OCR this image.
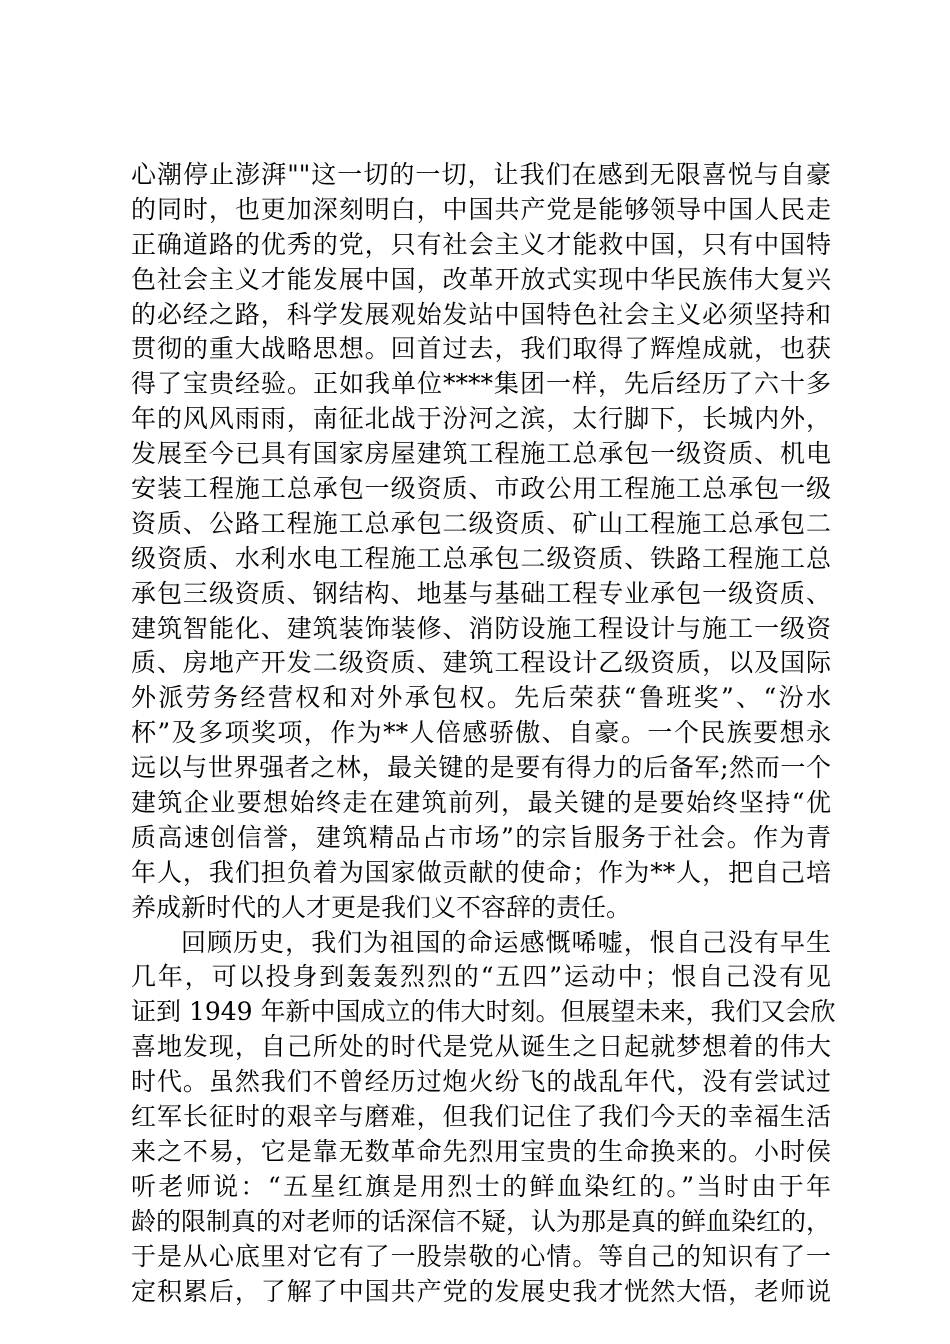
心潮停止澎湃""这一切的一切，让我们在感到无限喜悦与自豪
的同时，也更加深刻明白，中国共产党是能够领导中国人民走
正确道路的优秀的党，只有社会主义才能救中国，只有中国特
色社会主义才能发展中国，改革开放式实现中华民族伟大复兴
的必经之路，科学发展观始发站中国特色社会主义必须坚持和
贯彻的重大战略思想。回首过去，我们取得了辉煌成就，也获
得了宝贵经验。正如我单位****集团一样，先后经历了六十多
年的风风雨雨，南征北战于汾河之滨，太行脚下，长城内外，
发展至今已具有国家房屋建筑工程施工总承包一级资质、机电
安装工程施工总承包一级资质、市政公用工程施工总承包一级
资质、公路工程施工总承包二级资质、矿山工程施工总承包二
级资质、水利水电工程施工总承包二级资质、铁路工程施工总
承包三级资质、钢结构、地基与基础工程专业承包一级资质、
建筑智能化、建筑装饰装修、消防设施工程设计与施工一级资
质、房地产开发二级资质、建筑工程设计乙级资质，以及国际
外派劳务经营权和对外承包权。先后荣获“鲁班奖”、“汾水
杯”及多项奖项，作为**人倍感骄傲、自豪。一个民族要想永
远以与世界强者之林，最关键的是要有得力的后备军;然而一个
建筑企业要想始终走在建筑前列，最关键的是要始终坚持“优
质高速创信誉，建筑精品占市场”的宗旨服务于社会。作为青
年人，我们担负着为国家做贡献的使命；作为**人，把自己培
养成新时代的人才更是我们义不容辞的责任。
回顾历史，我们为祖国的命运感慨唏嘘，恨自己没有早生
几年，可以投身到轰轰烈烈的“五四”运动中；恨自己没有见
证到 1949 年新中国成立的伟大时刻。但展望未来，我们又会欣
喜地发现，自己所处的时代是党从诞生之日起就梦想着的伟大
时代。虽然我们不曾经历过炮火纷飞的战乱年代，没有尝试过
红军长征时的艰辛与磨难，但我们记住了我们今天的幸福生活
来之不易，它是靠无数革命先烈用宝贵的生命换来的。小时侯
听老师说：“五星红旗是用烈士的鲜血染红的。”当时由于年
龄的限制真的对老师的话深信不疑，认为那是真的鲜血染红的，
于是从心底里对它有了一股崇敬的心情。等自己的知识有了一
定积累后，了解了中国共产党的发展史我才恍然大悟，老师说
